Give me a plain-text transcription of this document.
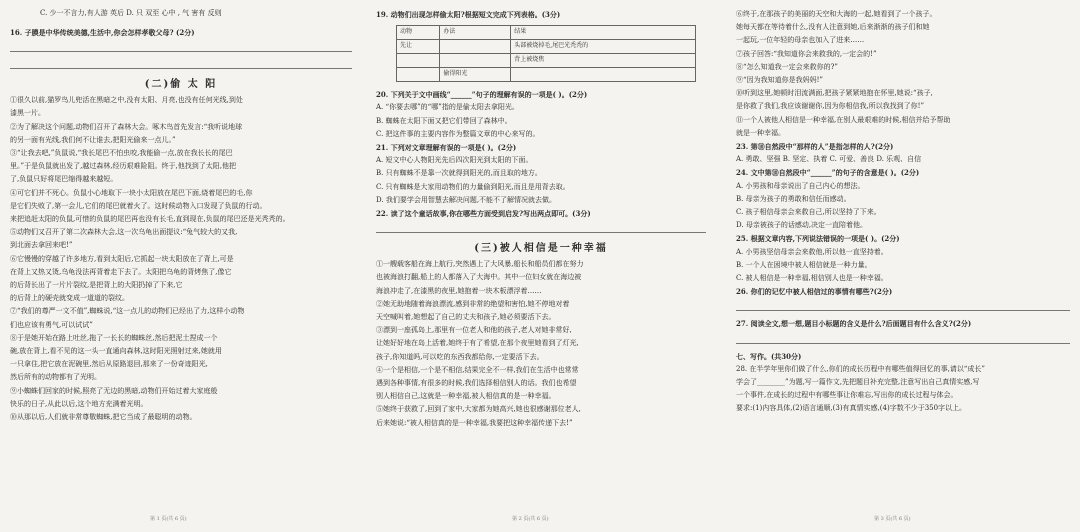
C. 少一不言力,有人游 英后 D. 只 双至 心中 , 气 害有 反则
16. 子膜是中华传统美德,生活中,你会怎样孝敬父母? (2分)
(二)偷 太 阳
①很久以前,猫罗鸟儿兜活在黑暗之中,没有太阳、月亮,也没有任何光线,到处
漆黑一片。
②为了解决这个问题,动物们召开了森林大会。啄木鸟首先发言:“我听说地球
的另一面有光线,我们何不让谁去,把阳光偷来一点儿。”
③“让我去吧,”负鼠说,“我长尾巴不怕虫咬,我能偷一点,放在我长长的尾巴
里。”于是负鼠就出发了,越过森林,经历艰难险阻。终于,他找到了太阳,他把
了,负鼠只好将尾巴缩得越来越短。
④可它们并不死心。负鼠小心地取下一块小太阳放在尾巴下面,烧着尾巴的毛,你
是它们失败了,第一会儿,它们的尾巴就着火了。这时候动物入口发现了负鼠的行动。
来把追赶太阳的负鼠,可惜的负鼠的尾巴再也没有长毛,直到现在,负鼠的尾巴还是光秃秃的。
⑤动物们又召开了第二次森林大会,这一次乌龟出面提议:“兔气较大的又我,
到北面去拿回来吧!”
⑥它慢慢的穿越了许多地方,看到太阳后,它抓起一块太阳放在了背上,可是
在背上又热又烫,乌龟没法再背着走下去了。太阳把乌龟的背烤焦了,像它
的后背长出了一片片裂纹,是把背上的大阳扔掉了下来,它
的后背上的硬壳就变成一道道的裂纹。
⑦“我们的尊严一文不值”,蜘蛛说,“这一点儿的动物们已经出了力,这样小动物
们也应该有勇气,可以试试”
⑧于是她开始在路上吐丝,拖了一长长的蜘蛛丝,然后把泥土捏成一个
碗,放在背上,看不见的这一头一直通向森林,这时阳光照射过来,她就用
一只拿住,把它放在泥碗里,然后从原路退回,那来了一份奇迹阳光,
然后所有的动物都有了光明。
⑨小蜘蛛们回家的时候,照亮了无边的黑暗,动物们开始过着大家庭般
快乐的日子,从此以后,这个地方充满着光明。
⑩从那以后,人们就非常尊敬蜘蛛,把它当成了最聪明的动物。
第 1 页(共 6 页)
19. 动物们出现怎样偷太阳?根据短文完成下列表格。(3分)
动物	办法	结果
先让		头部被烧掉毛,尾巴光秃秃的
		背上被烧焦
	偷得阳光	
20. 下列关于文中画线“______”句子的理解有误的一项是( )。(2分)
A. “你要去哪”的“哪”指的是偷太阳去拿阳光。
B. 蜘蛛在太阳下面又把它们带回了森林中。
C. 把这件事的主要内容作为整篇文章的中心来写的。
21. 下列对文章理解有误的一项是( )。(2分)
A. 短文中心人物阳光先后四次阳光到太阳的下面。
B. 只有蜘蛛不是靠一次就得到阳光的,而且取的地方。
C. 只有蜘蛛是大家用动物们的力量偷到阳光,而且是用背去取。
D. 我们要学会用智慧去解决问题,不能不了解情况就去做。
22. 读了这个童话故事,你在哪些方面受到启发?写出两点即可。(3分)
(三)被人相信是一种幸福
①一艘载客船在海上航行,突然遇上了大风暴,船长和船员们都在努力
也被海浪打翻,船上的人都落入了大海中。其中一位妇女就在海边被
海浪冲走了,在漆黑的夜里,她抱着一块木板漂浮着……
②她无助地随着海浪漂流,感到非常的绝望和害怕,她不停地对着
天空喊叫着,她想起了自己的丈夫和孩子,她必须要活下去。
③漂到一座孤岛上,那里有一位老人和他的孩子,老人对她非常好,
让她好好地在岛上活着,她终于有了希望,在那个夜里她看到了灯光,
孩子,你知道吗,可以吃的东西我都给你,一定要活下去。
④一个是相信,一个是不相信,结果完全不一样,我们在生活中也常常
遇到各种事情,有很多的时候,我们选择相信别人的话。我们也希望
别人相信自己,这就是一种幸福,被人相信真的是一种幸福。
⑤她终于获救了,回到了家中,大家都为她高兴,她也很感谢那位老人,
后来她说:“被人相信真的是一种幸福,我要把这种幸福传递下去!”
第 2 页(共 6 页)
⑥终于,在那孩子的美丽的天空和大海的一起,她看到了一个孩子。
她每天都在等待着什么,没有人注意到她,后来渐渐的孩子们和她
一起玩,一位年轻的母亲也加入了进来……
⑦孩子回答:“我知道你会来救我的,一定会的!”
⑧“怎么知道我一定会来救你的?”
⑨“因为我知道你是我妈妈!”
⑩听到这里,她顿时泪流满面,把孩子紧紧地抱在怀里,她说:“孩子,
是你救了我们,我应该谢谢你,因为你相信我,所以我找到了你!”
⑪一个人被他人相信是一种幸福,在别人最艰难的时候,相信并给予帮助
就是一种幸福。
23. 第⑩自然段中“那样的人”是指怎样的人?(2分)
A. 勇敢、坚强 B. 坚定、执着 C. 可爱、善良 D. 乐观、自信
24. 文中第⑩自然段中“______”的句子的含意是( )。(2分)
A. 小男孩和母亲说出了自己内心的想法。
B. 母亲为孩子的勇敢和信任而感动。
C. 孩子相信母亲会来救自己,所以坚持了下来。
D. 母亲被孩子的话感动,决定一直陪着他。
25. 根据文章内容,下列说法错误的一项是( )。(2分)
A. 小男孩坚信母亲会来救他,所以他一直坚持着。
B. 一个人在困境中被人相信就是一种力量。
C. 被人相信是一种幸福,相信别人也是一种幸福。
26. 你们的记忆中被人相信过的事情有哪些?(2分)
27. 阅读全文,想一想,题目小标题的含义是什么?后面题目有什么含义?(2分)
七、写作。(共30分)
28. 在半学年里你们做了什么,你们的成长历程中有哪些值得回忆的事,请以“成长”
学会了________”为题,写一篇作文,先把题目补充完整,注意写出自己真情实感,写
一个事件,在成长的过程中有哪些事让你难忘,写出你的成长过程与体会。
要求:(1)内容具体,(2)语言通顺,(3)有真情实感,(4)字数不少于350字以上。
第 3 页(共 6 页)
